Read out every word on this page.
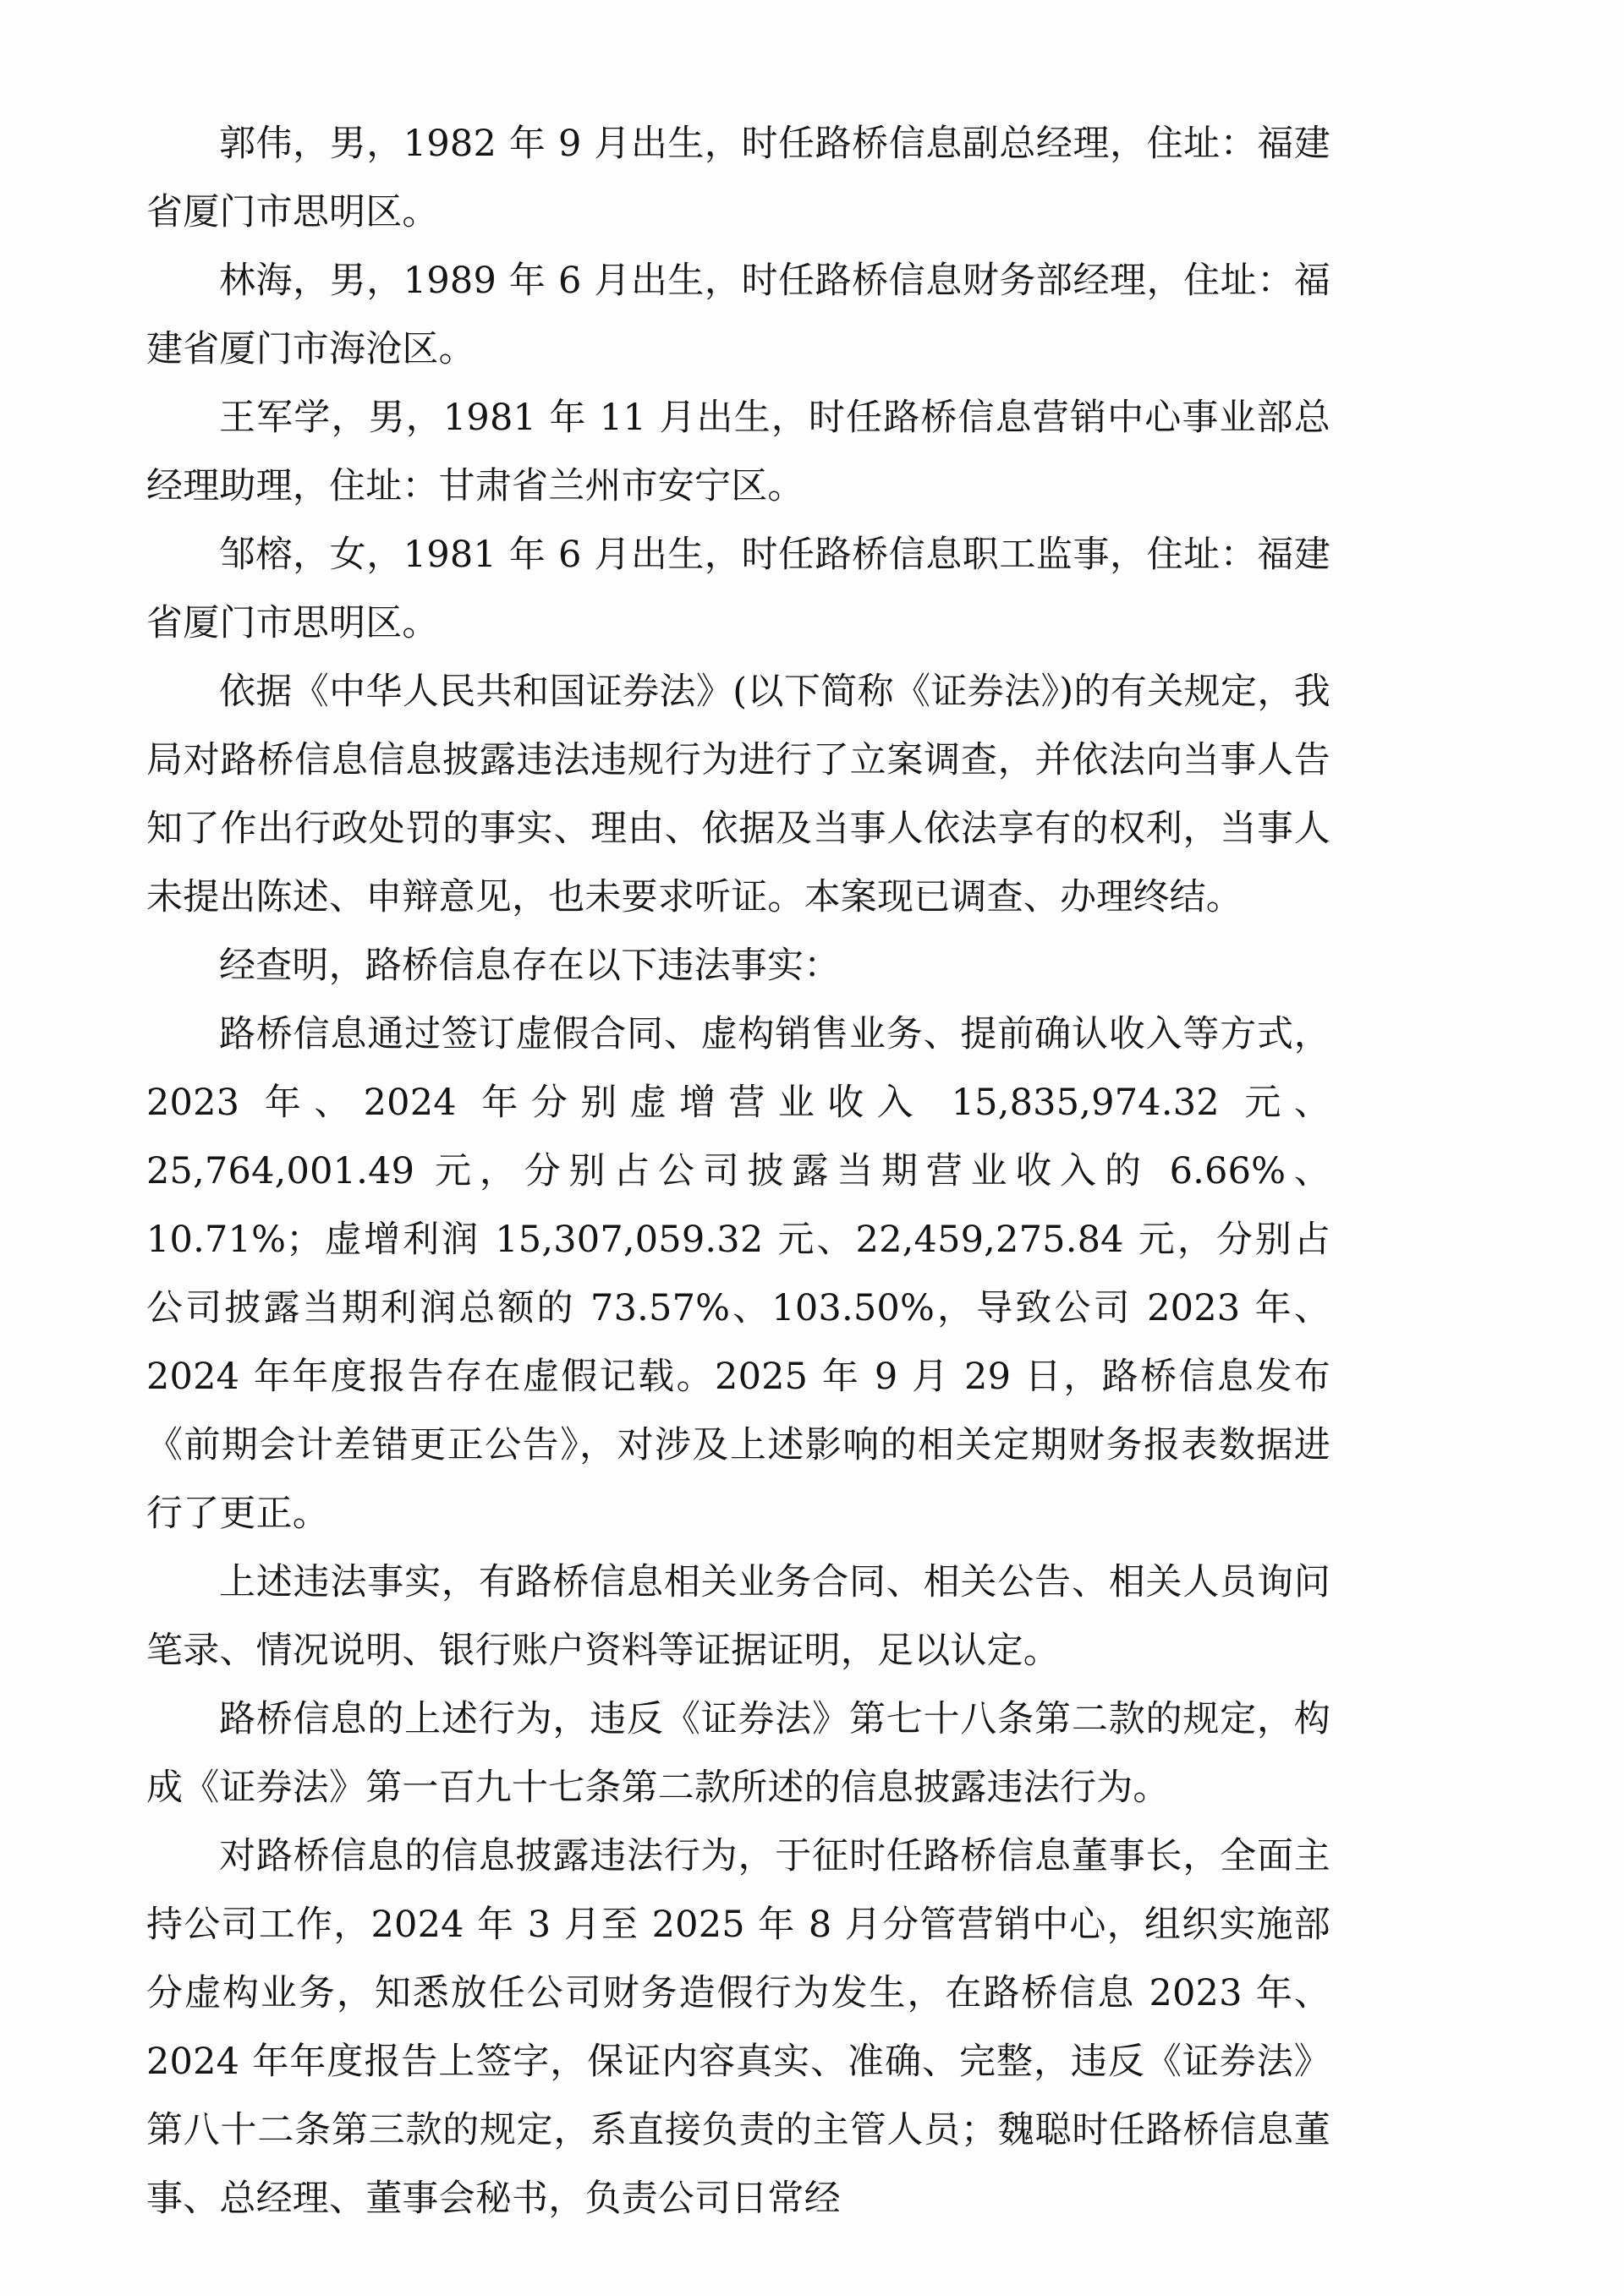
郭伟，男，1982 年 9 月出生，时任路桥信息副总经理，住址：福建省厦门市思明区。

林海，男，1989 年 6 月出生，时任路桥信息财务部经理，住址：福建省厦门市海沧区。

王军学，男，1981 年 11 月出生，时任路桥信息营销中心事业部总经理助理，住址：甘肃省兰州市安宁区。

邹榕，女，1981 年 6 月出生，时任路桥信息职工监事，住址：福建省厦门市思明区。

依据《中华人民共和国证券法》(以下简称《证券法》)的有关规定，我局对路桥信息信息披露违法违规行为进行了立案调查，并依法向当事人告知了作出行政处罚的事实、理由、依据及当事人依法享有的权利，当事人未提出陈述、申辩意见，也未要求听证。本案现已调查、办理终结。

经查明，路桥信息存在以下违法事实：

路桥信息通过签订虚假合同、虚构销售业务、提前确认收入等方式，2023 年、2024 年分别虚增营业收入 15,835,974.32 元、25,764,001.49 元，分别占公司披露当期营业收入的 6.66%、10.71%；虚增利润 15,307,059.32 元、22,459,275.84 元，分别占公司披露当期利润总额的 73.57%、103.50%，导致公司 2023 年、2024 年年度报告存在虚假记载。2025 年 9 月 29 日，路桥信息发布《前期会计差错更正公告》，对涉及上述影响的相关定期财务报表数据进行了更正。

上述违法事实，有路桥信息相关业务合同、相关公告、相关人员询问笔录、情况说明、银行账户资料等证据证明，足以认定。

路桥信息的上述行为，违反《证券法》第七十八条第二款的规定，构成《证券法》第一百九十七条第二款所述的信息披露违法行为。

对路桥信息的信息披露违法行为，于征时任路桥信息董事长，全面主持公司工作，2024 年 3 月至 2025 年 8 月分管营销中心，组织实施部分虚构业务，知悉放任公司财务造假行为发生，在路桥信息 2023 年、2024 年年度报告上签字，保证内容真实、准确、完整，违反《证券法》第八十二条第三款的规定，系直接负责的主管人员；魏聪时任路桥信息董事、总经理、董事会秘书，负责公司日常经
